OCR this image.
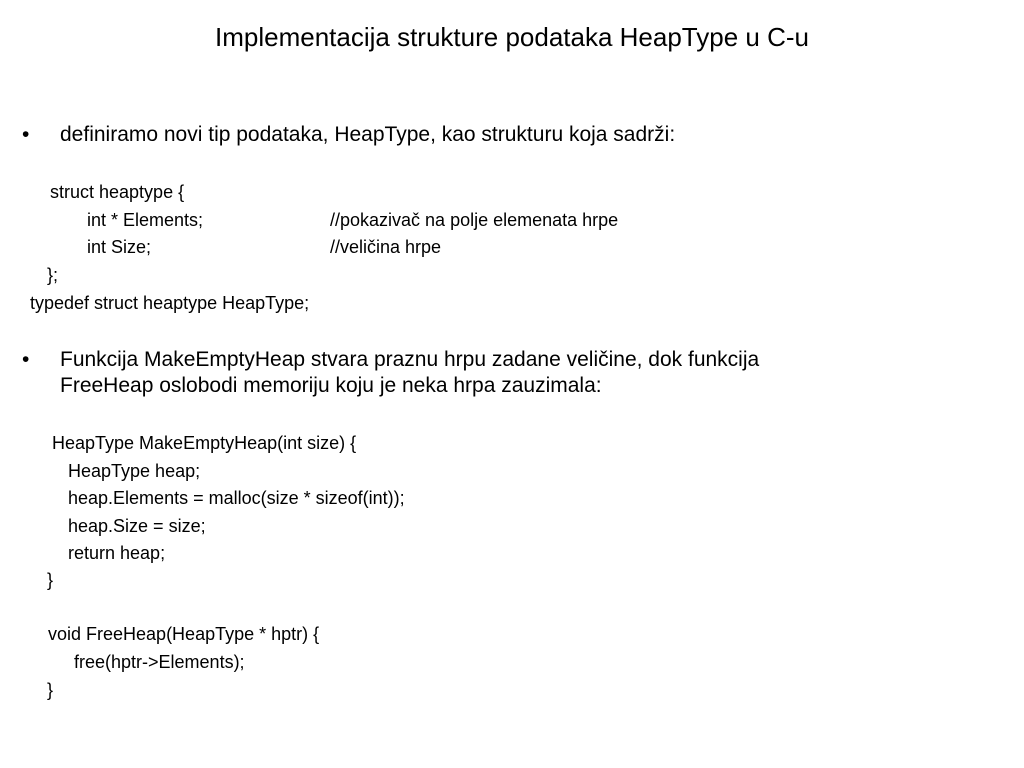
Implementacija strukture podataka HeapType u C-u
• definiramo novi tip podataka, HeapType, kao strukturu koja sadrži:
struct heaptype {
int * Elements;	//pokazivač na polje elemenata hrpe
int Size;	//veličina hrpe
};
typedef struct heaptype HeapType;
• Funkcija MakeEmptyHeap stvara praznu hrpu zadane veličine, dok funkcija
FreeHeap oslobodi memoriju koju je neka hrpa zauzimala:
HeapType MakeEmptyHeap(int size) {
HeapType heap;
heap.Elements = malloc(size * sizeof(int));
heap.Size = size;
return heap;
}
void FreeHeap(HeapType * hptr) {
free(hptr->Elements);
}
